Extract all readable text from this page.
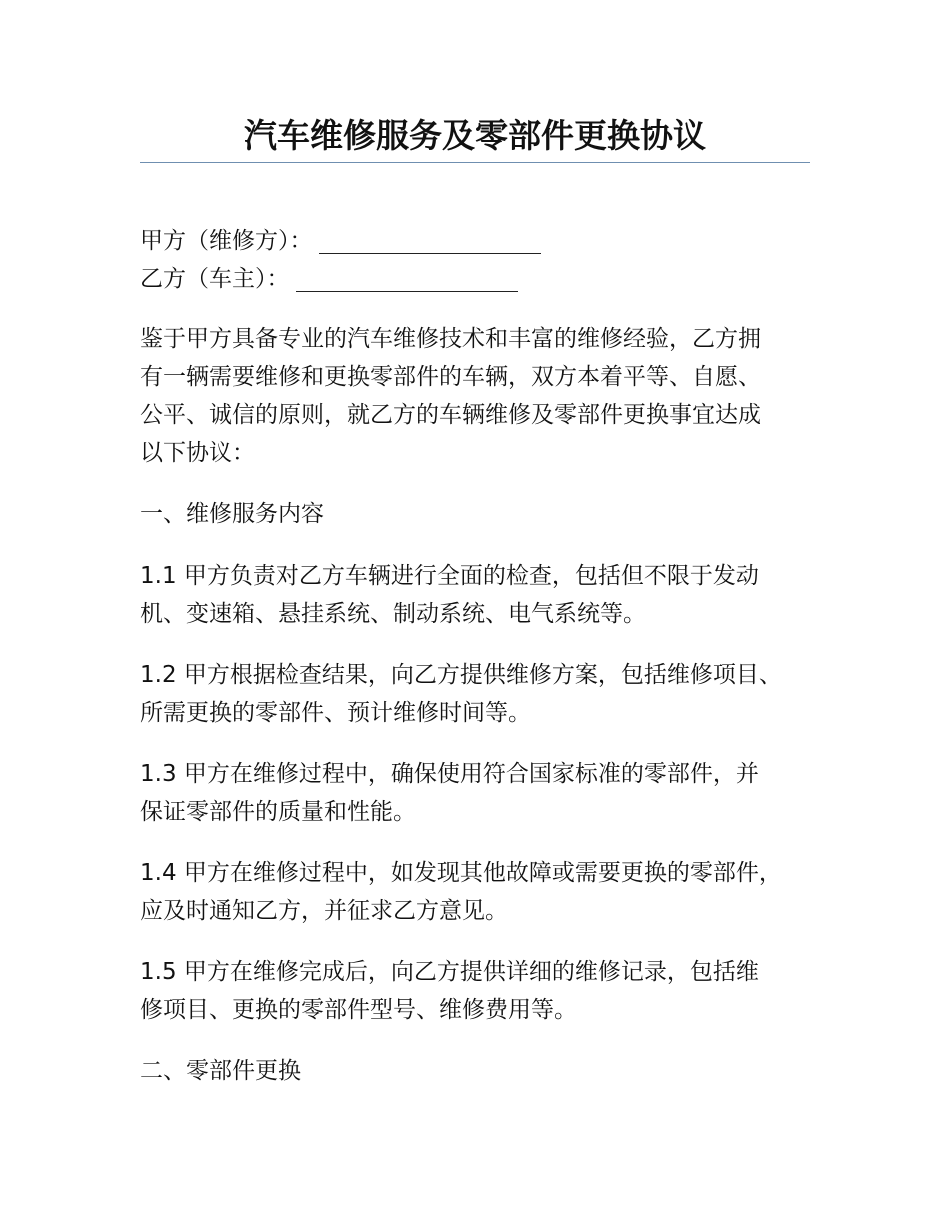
汽车维修服务及零部件更换协议
甲方（维修方）：
乙方（车主）：
鉴于甲方具备专业的汽车维修技术和丰富的维修经验，乙方拥
有一辆需要维修和更换零部件的车辆，双方本着平等、自愿、
公平、诚信的原则，就乙方的车辆维修及零部件更换事宜达成
以下协议：
一、维修服务内容
1.1 甲方负责对乙方车辆进行全面的检查，包括但不限于发动
机、变速箱、悬挂系统、制动系统、电气系统等。
1.2 甲方根据检查结果，向乙方提供维修方案，包括维修项目、
所需更换的零部件、预计维修时间等。
1.3 甲方在维修过程中，确保使用符合国家标准的零部件，并
保证零部件的质量和性能。
1.4 甲方在维修过程中，如发现其他故障或需要更换的零部件，
应及时通知乙方，并征求乙方意见。
1.5 甲方在维修完成后，向乙方提供详细的维修记录，包括维
修项目、更换的零部件型号、维修费用等。
二、零部件更换
